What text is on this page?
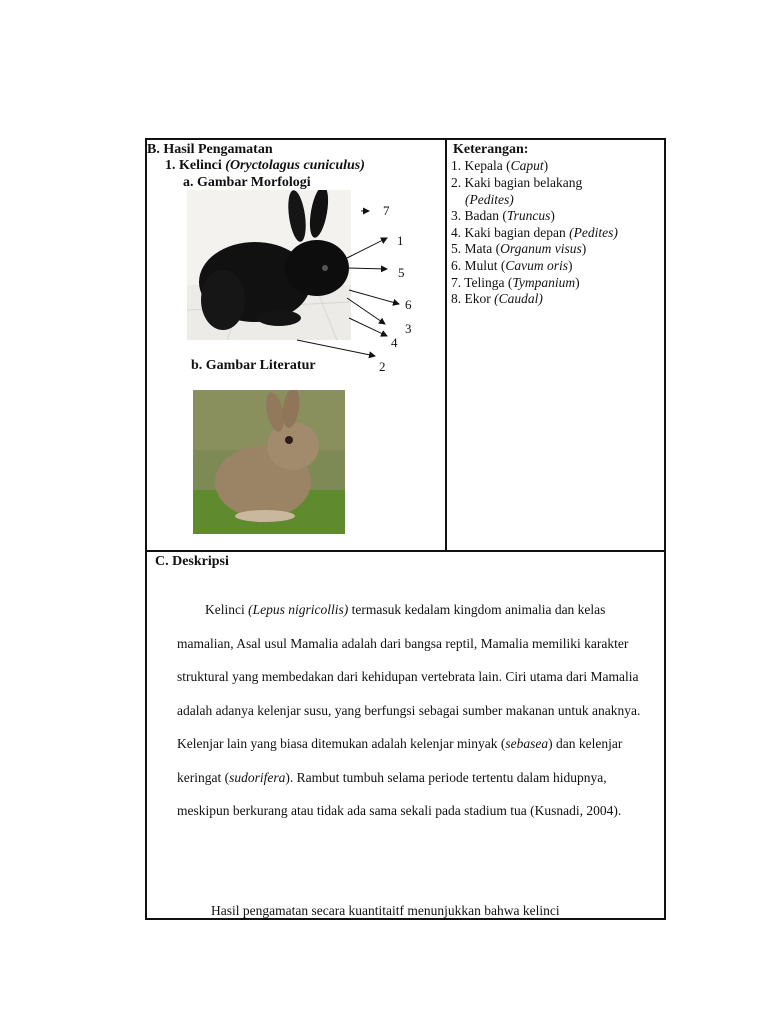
B. Hasil Pengamatan
1. Kelinci (Oryctolagus cuniculus)
a. Gambar Morfologi
7
1
5
6
3
4
2
b. Gambar Literatur
Keterangan:
1. Kepala (Caput)
2. Kaki bagian belakang
(Pedites)
3. Badan (Truncus)
4. Kaki bagian depan (Pedites)
5. Mata (Organum visus)
6. Mulut (Cavum oris)
7. Telinga (Tympanium)
8. Ekor (Caudal)
C. Deskripsi
Kelinci (Lepus nigricollis) termasuk kedalam kingdom animalia dan kelas mamalian, Asal usul Mamalia adalah dari bangsa reptil, Mamalia memiliki karakter struktural yang membedakan dari kehidupan vertebrata lain. Ciri utama dari Mamalia adalah adanya kelenjar susu, yang berfungsi sebagai sumber makanan untuk anaknya. Kelenjar lain yang biasa ditemukan adalah kelenjar minyak (sebasea) dan kelenjar keringat (sudorifera). Rambut tumbuh selama periode tertentu dalam hidupnya, meskipun berkurang atau tidak ada sama sekali pada stadium tua (Kusnadi, 2004).
Hasil pengamatan secara kuantitaitf menunjukkan bahwa kelinci
